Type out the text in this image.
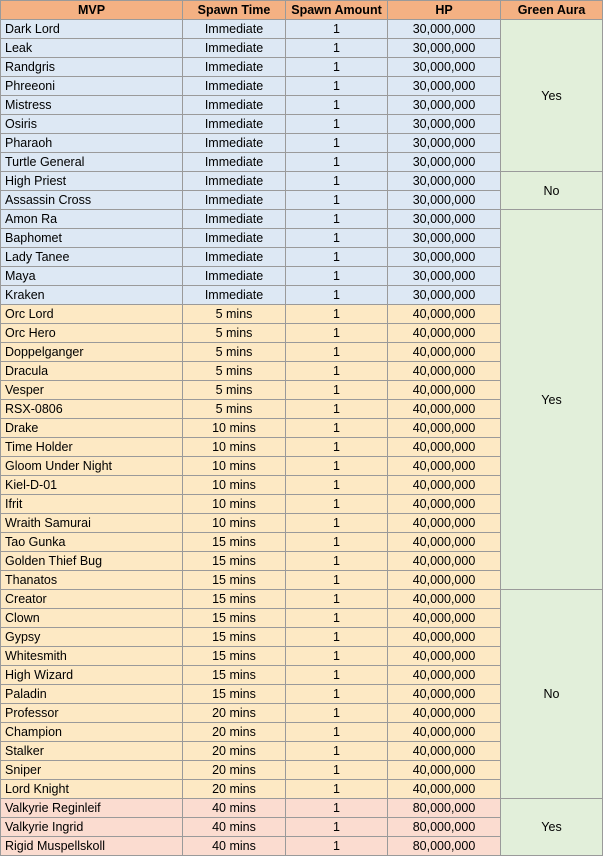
MVP	Spawn Time	Spawn Amount	HP	Green Aura
Dark Lord	Immediate	1	30,000,000	Yes
Leak	Immediate	1	30,000,000	
Randgris	Immediate	1	30,000,000	
Phreeoni	Immediate	1	30,000,000	
Mistress	Immediate	1	30,000,000	
Osiris	Immediate	1	30,000,000	
Pharaoh	Immediate	1	30,000,000	
Turtle General	Immediate	1	30,000,000	
High Priest	Immediate	1	30,000,000	No
Assassin Cross	Immediate	1	30,000,000	
Amon Ra	Immediate	1	30,000,000	Yes
Baphomet	Immediate	1	30,000,000	
Lady Tanee	Immediate	1	30,000,000	
Maya	Immediate	1	30,000,000	
Kraken	Immediate	1	30,000,000	
Orc Lord	5 mins	1	40,000,000	
Orc Hero	5 mins	1	40,000,000	
Doppelganger	5 mins	1	40,000,000	
Dracula	5 mins	1	40,000,000	
Vesper	5 mins	1	40,000,000	
RSX-0806	5 mins	1	40,000,000	
Drake	10 mins	1	40,000,000	
Time Holder	10 mins	1	40,000,000	
Gloom Under Night	10 mins	1	40,000,000	
Kiel-D-01	10 mins	1	40,000,000	
Ifrit	10 mins	1	40,000,000	
Wraith Samurai	10 mins	1	40,000,000	
Tao Gunka	15 mins	1	40,000,000	
Golden Thief Bug	15 mins	1	40,000,000	
Thanatos	15 mins	1	40,000,000	
Creator	15 mins	1	40,000,000	No
Clown	15 mins	1	40,000,000	
Gypsy	15 mins	1	40,000,000	
Whitesmith	15 mins	1	40,000,000	
High Wizard	15 mins	1	40,000,000	
Paladin	15 mins	1	40,000,000	
Professor	20 mins	1	40,000,000	
Champion	20 mins	1	40,000,000	
Stalker	20 mins	1	40,000,000	
Sniper	20 mins	1	40,000,000	
Lord Knight	20 mins	1	40,000,000	
Valkyrie Reginleif	40 mins	1	80,000,000	Yes
Valkyrie Ingrid	40 mins	1	80,000,000	
Rigid Muspellskoll	40 mins	1	80,000,000	
